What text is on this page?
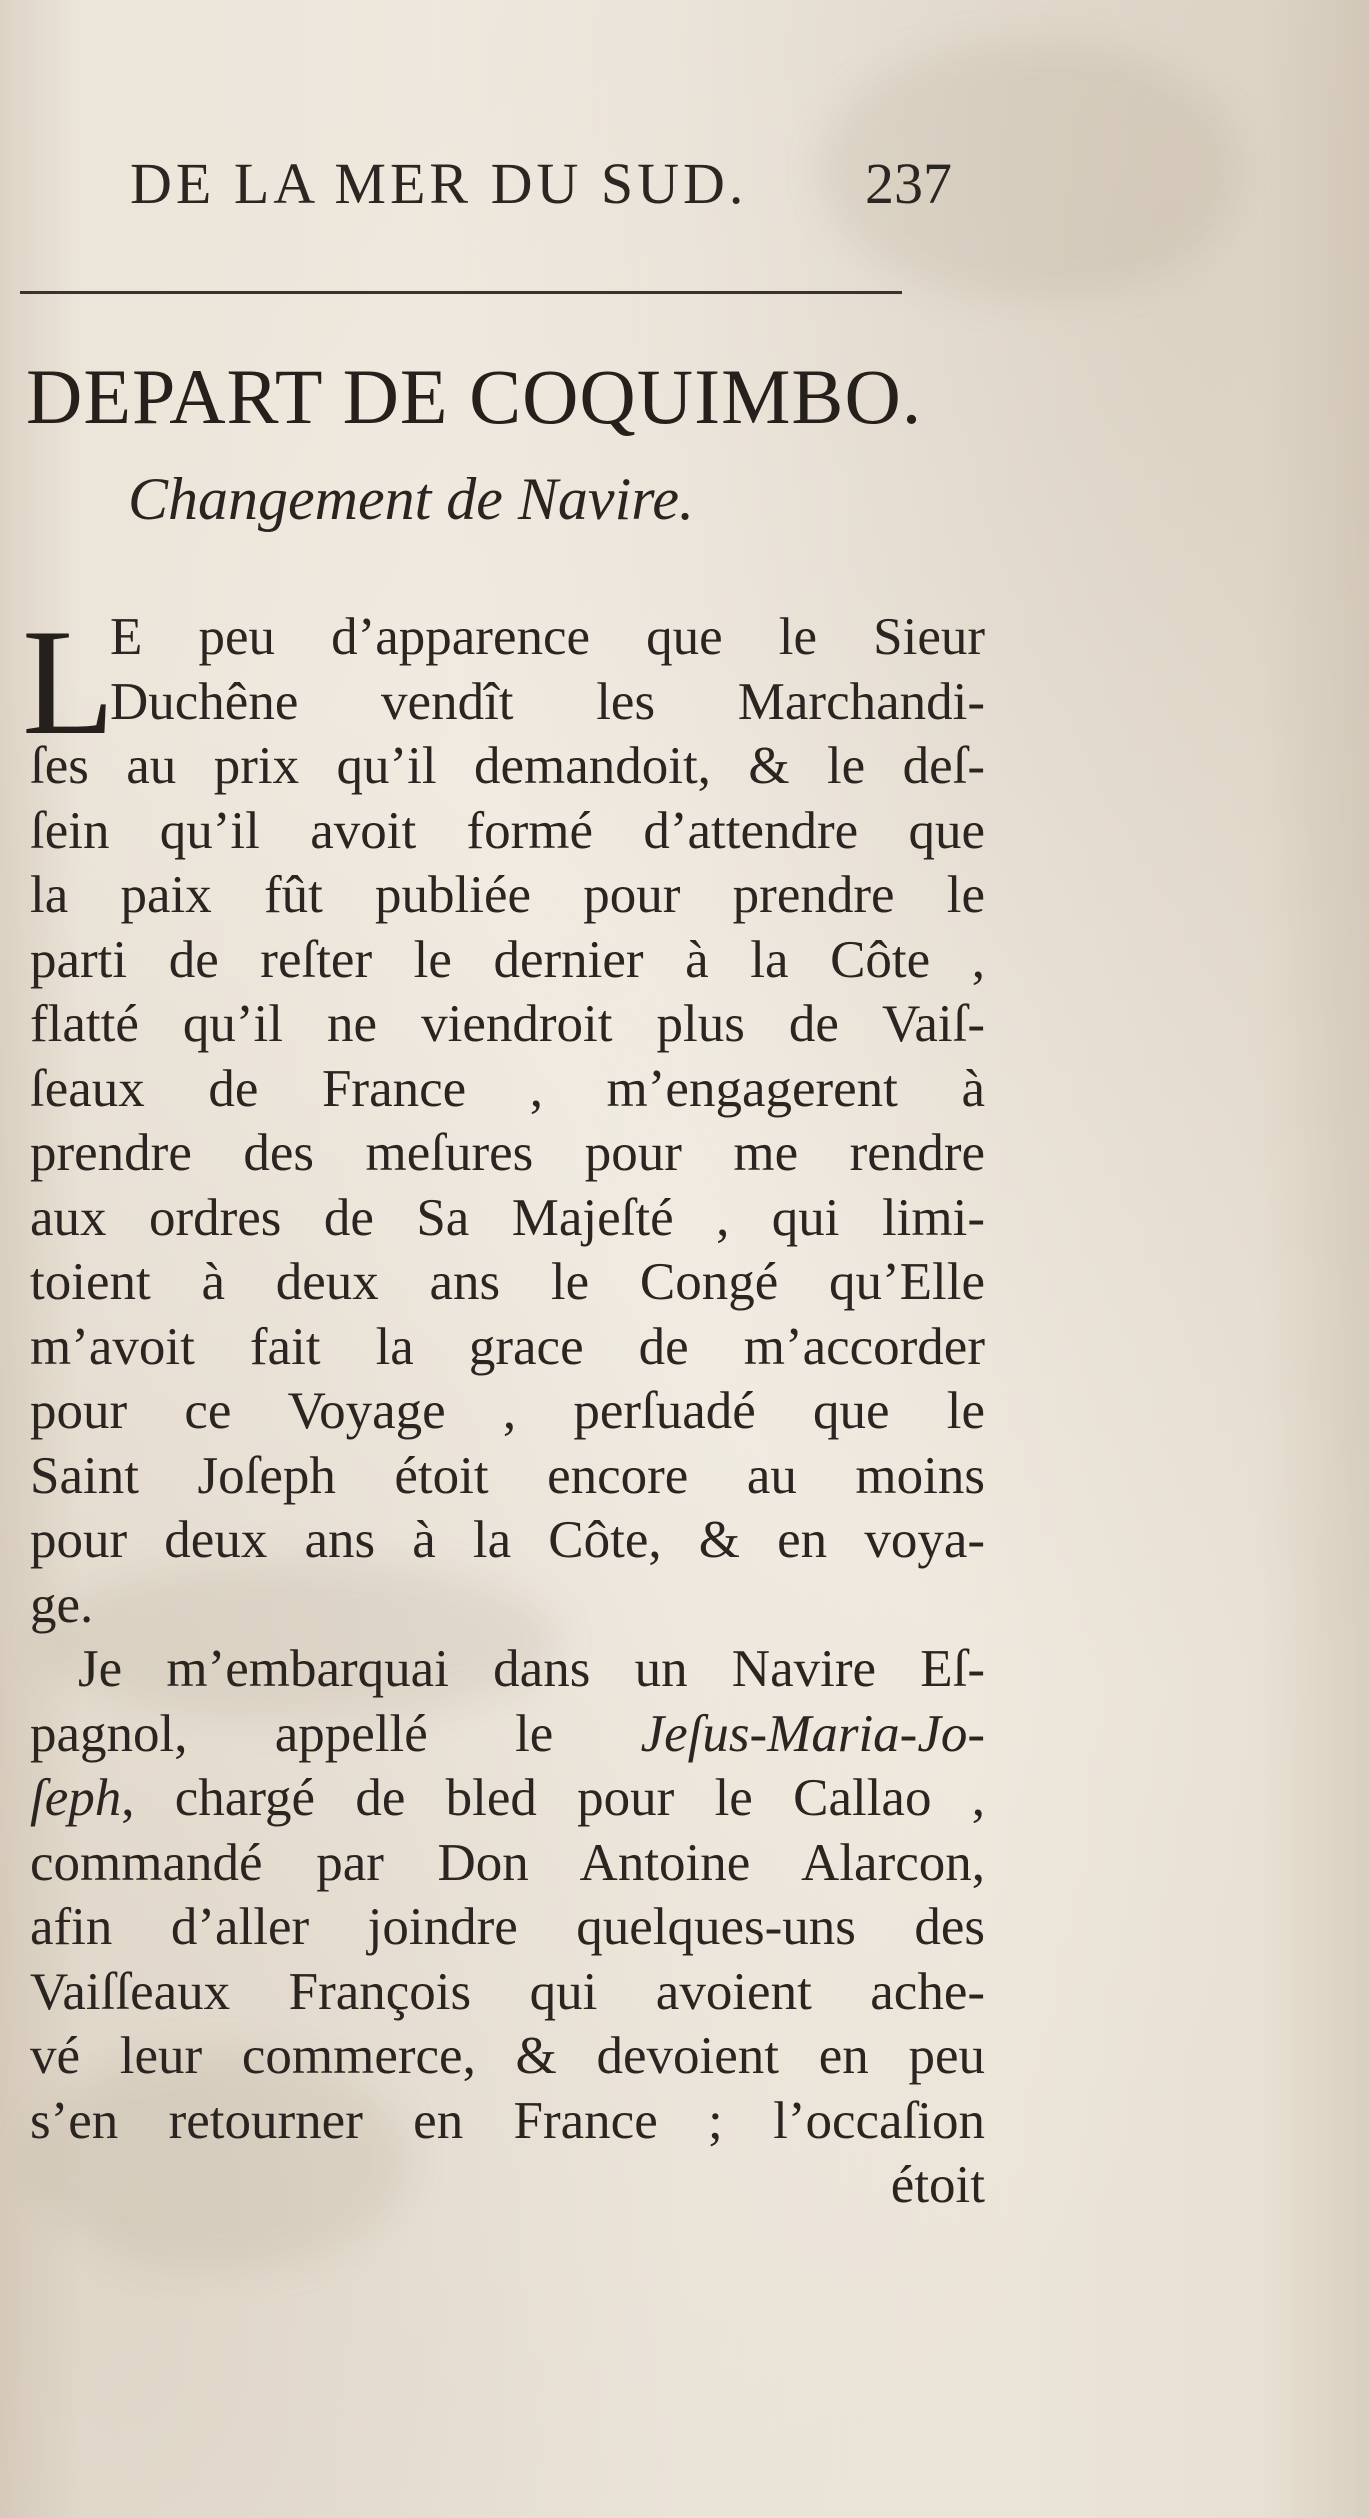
DE LA MER DU SUD. 237
DEPART DE COQUIMBO.
Changement de Navire.
L
E peu d’apparence que le Sieur
Duchêne vendît les Marchandi-
ſes au prix qu’il demandoit, & le deſ-
ſein qu’il avoit formé d’attendre que
la paix fût publiée pour prendre le
parti de reſter le dernier à la Côte ,
flatté qu’il ne viendroit plus de Vaiſ-
ſeaux de France , m’engagerent à
prendre des meſures pour me rendre
aux ordres de Sa Majeſté , qui limi-
toient à deux ans le Congé qu’Elle
m’avoit fait la grace de m’accorder
pour ce Voyage , perſuadé que le
Saint Joſeph étoit encore au moins
pour deux ans à la Côte, & en voya-
ge.
Je m’embarquai dans un Navire Eſ-
pagnol, appellé le Jeſus-Maria-Jo-
ſeph, chargé de bled pour le Callao ,
commandé par Don Antoine Alarcon,
afin d’aller joindre quelques-uns des
Vaiſſeaux François qui avoient ache-
vé leur commerce, & devoient en peu
s’en retourner en France ; l’occaſion
étoit
